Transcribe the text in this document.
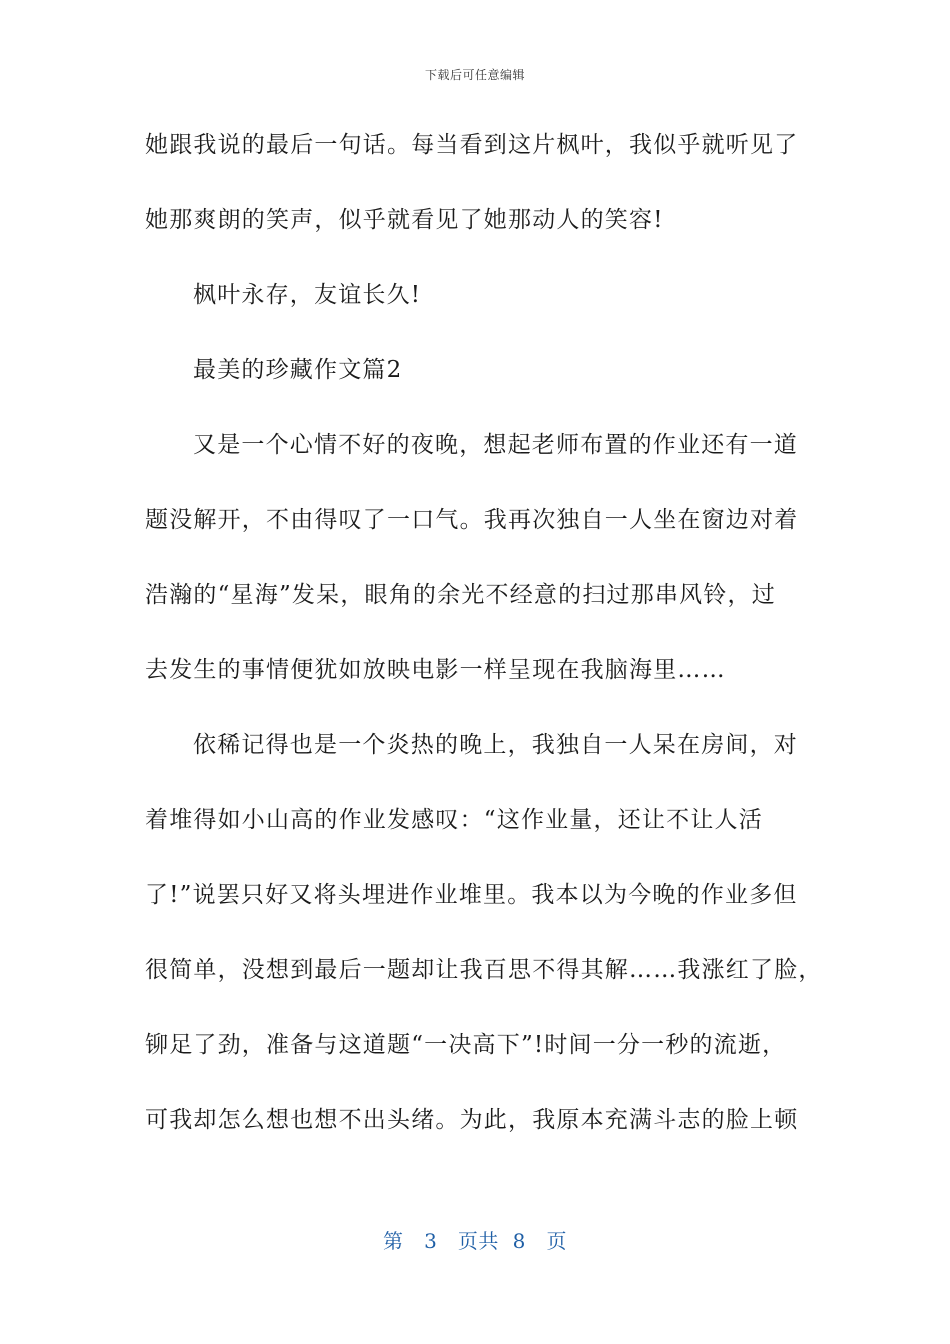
下载后可任意编辑
她跟我说的最后一句话。每当看到这片枫叶，我似乎就听见了
她那爽朗的笑声，似乎就看见了她那动人的笑容!
枫叶永存，友谊长久!
最美的珍藏作文篇2
又是一个心情不好的夜晚，想起老师布置的作业还有一道
题没解开，不由得叹了一口气。我再次独自一人坐在窗边对着
浩瀚的“星海”发呆，眼角的余光不经意的扫过那串风铃，过
去发生的事情便犹如放映电影一样呈现在我脑海里……
依稀记得也是一个炎热的晚上，我独自一人呆在房间，对
着堆得如小山高的作业发感叹：“这作业量，还让不让人活
了!”说罢只好又将头埋进作业堆里。我本以为今晚的作业多但
很简单，没想到最后一题却让我百思不得其解……我涨红了脸，
铆足了劲，准备与这道题“一决高下”!时间一分一秒的流逝，
可我却怎么想也想不出头绪。为此，我原本充满斗志的脸上顿
第 3 页共 8 页
